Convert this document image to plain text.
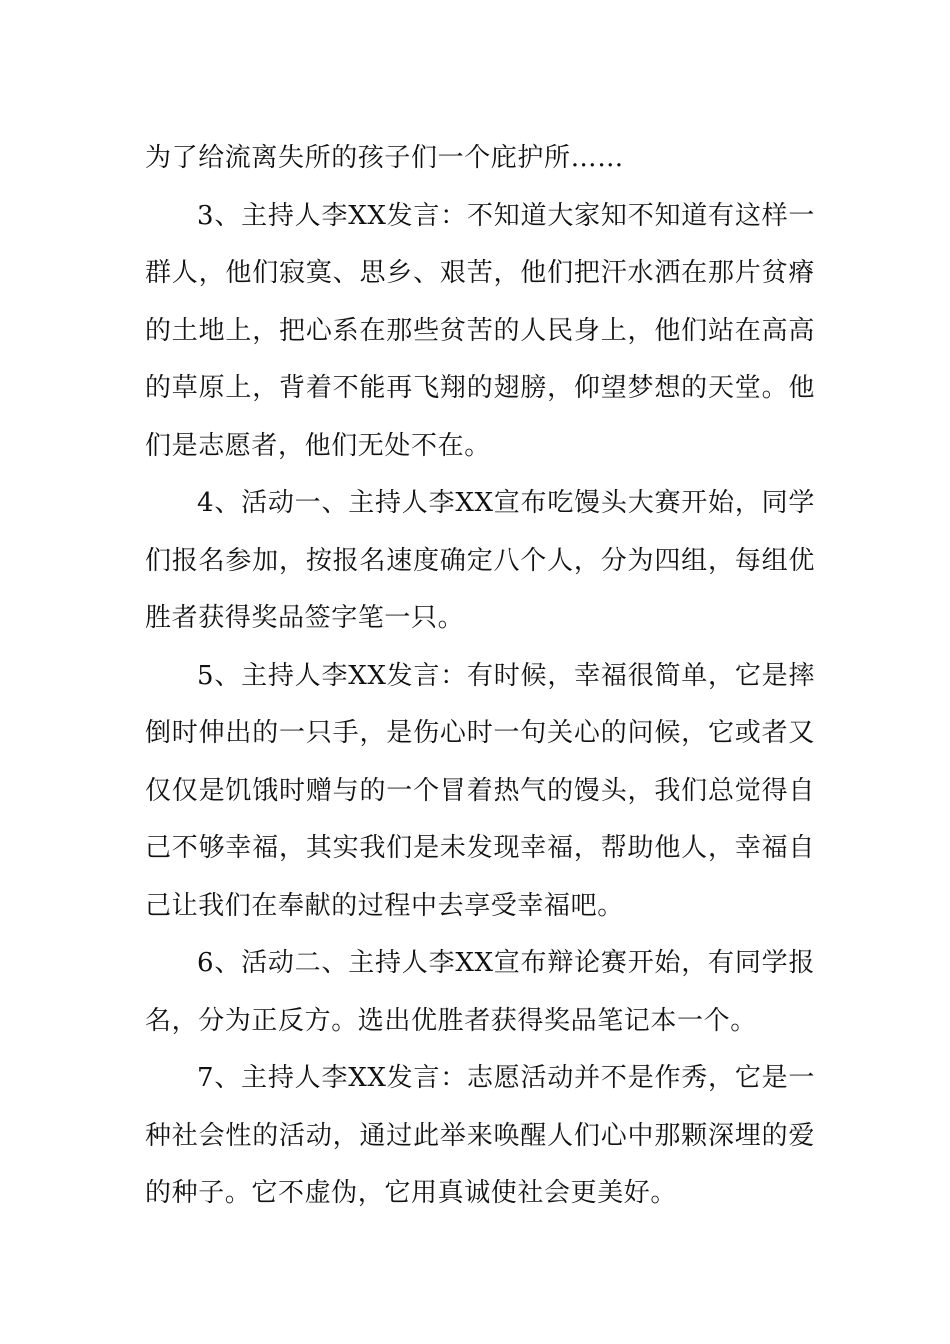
为了给流离失所的孩子们一个庇护所……

3、主持人李XX发言：不知道大家知不知道有这样一群人，他们寂寞、思乡、艰苦，他们把汗水洒在那片贫瘠的土地上，把心系在那些贫苦的人民身上，他们站在高高的草原上，背着不能再飞翔的翅膀，仰望梦想的天堂。他们是志愿者，他们无处不在。

4、活动一、主持人李XX宣布吃馒头大赛开始，同学们报名参加，按报名速度确定八个人，分为四组，每组优胜者获得奖品签字笔一只。

5、主持人李XX发言：有时候，幸福很简单，它是摔倒时伸出的一只手，是伤心时一句关心的问候，它或者又仅仅是饥饿时赠与的一个冒着热气的馒头，我们总觉得自己不够幸福，其实我们是未发现幸福，帮助他人，幸福自己让我们在奉献的过程中去享受幸福吧。

6、活动二、主持人李XX宣布辩论赛开始，有同学报名，分为正反方。选出优胜者获得奖品笔记本一个。

7、主持人李XX发言：志愿活动并不是作秀，它是一种社会性的活动，通过此举来唤醒人们心中那颗深埋的爱的种子。它不虚伪，它用真诚使社会更美好。
